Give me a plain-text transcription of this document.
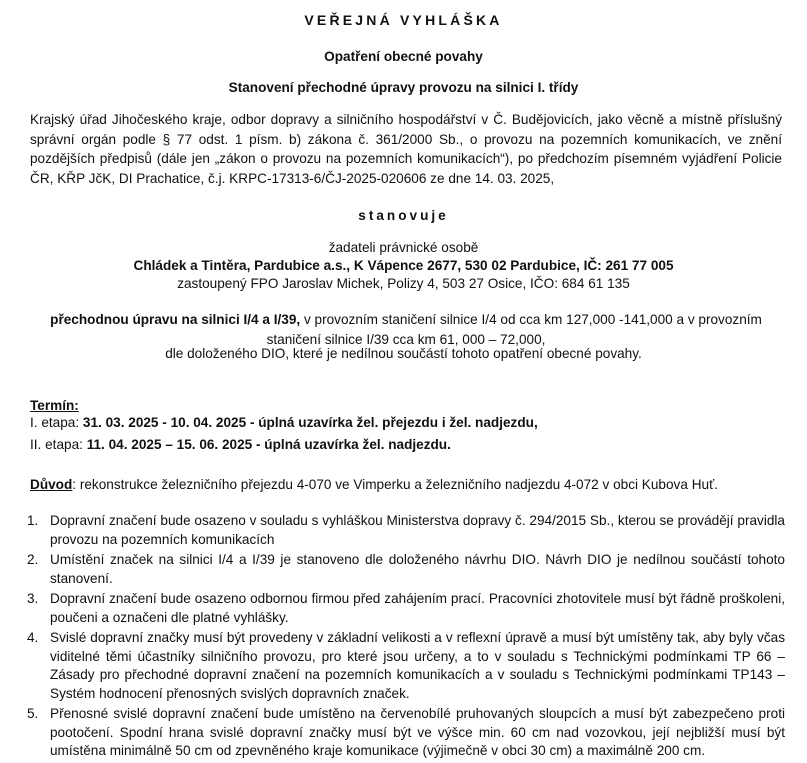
VEŘEJNÁ VYHLÁŠKA
Opatření obecné povahy
Stanovení přechodné úpravy provozu na silnici I. třídy
Krajský úřad Jihočeského kraje, odbor dopravy a silničního hospodářství v Č. Budějovicích, jako věcně a místně příslušný správní orgán podle § 77 odst. 1 písm. b) zákona č. 361/2000 Sb., o provozu na pozemních komunikacích, ve znění pozdějších předpisů (dále jen „zákon o provozu na pozemních komunikacích“), po předchozím písemném vyjádření Policie ČR, KŘP JčK, DI Prachatice, č.j. KRPC-17313-6/ČJ-2025-020606 ze dne 14. 03. 2025,
stanovuje
žadateli právnické osobě
Chládek a Tintěra, Pardubice a.s., K Vápence 2677, 530 02 Pardubice, IČ: 261 77 005
zastoupený FPO Jaroslav Michek, Polizy 4, 503 27 Osice, IČO: 684 61 135
přechodnou úpravu na silnici I/4 a I/39, v provozním staničení silnice I/4 od cca km 127,000 -141,000 a v provozním staničení silnice I/39 cca km 61, 000 – 72,000,
dle doloženého DIO, které je nedílnou součástí tohoto opatření obecné povahy.
Termín:
I. etapa: 31. 03. 2025 - 10. 04. 2025 - úplná uzavírka žel. přejezdu i žel. nadjezdu,
II. etapa: 11. 04. 2025 – 15. 06. 2025 - úplná uzavírka žel. nadjezdu.
Důvod: rekonstrukce železničního přejezdu 4-070 ve Vimperku a železničního nadjezdu 4-072 v obci Kubova Huť.
1. Dopravní značení bude osazeno v souladu s vyhláškou Ministerstva dopravy č. 294/2015 Sb., kterou se provádějí pravidla provozu na pozemních komunikacích
2. Umístění značek na silnici I/4 a I/39 je stanoveno dle doloženého návrhu DIO. Návrh DIO je nedílnou součástí tohoto stanovení.
3. Dopravní značení bude osazeno odbornou firmou před zahájením prací. Pracovníci zhotovitele musí být řádně proškoleni, poučeni a označeni dle platné vyhlášky.
4. Svislé dopravní značky musí být provedeny v základní velikosti a v reflexní úpravě a musí být umístěny tak, aby byly včas viditelné těmi účastníky silničního provozu, pro které jsou určeny, a to v souladu s Technickými podmínkami TP 66 – Zásady pro přechodné dopravní značení na pozemních komunikacích a v souladu s Technickými podmínkami TP143 – Systém hodnocení přenosných svislých dopravních značek.
5. Přenosné svislé dopravní značení bude umístěno na červenobílé pruhovaných sloupcích a musí být zabezpečeno proti pootočení. Spodní hrana svislé dopravní značky musí být ve výšce min. 60 cm nad vozovkou, její nejbližší musí být umístěna minimálně 50 cm od zpevněného kraje komunikace (výjimečně v obci 30 cm) a maximálně 200 cm.
